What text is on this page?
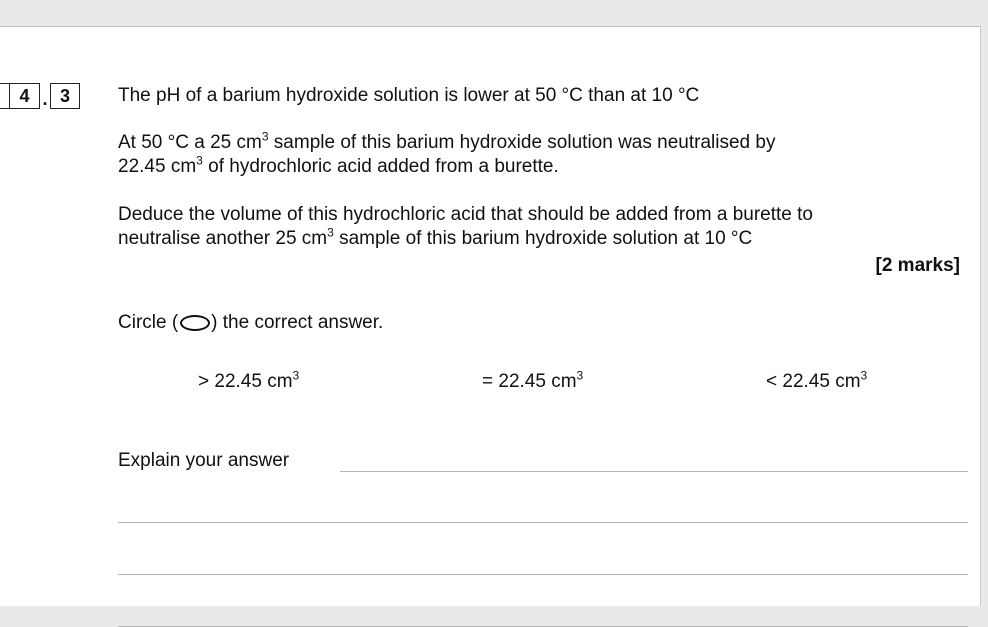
4 . 3	The pH of a barium hydroxide solution is lower at 50 °C than at 10 °C

At 50 °C a 25 $cm^3$ sample of this barium hydroxide solution was neutralised by
22.45 $cm^3$ of hydrochloric acid added from a burette.

Deduce the volume of this hydrochloric acid that should be added from a burette to
neutralise another 25 $cm^3$ sample of this barium hydroxide solution at 10 °C

[2 marks]

Circle ( ) the correct answer.

> 22.45 $cm^3$	= 22.45 $cm^3$	< 22.45 $cm^3$

Explain your answer
